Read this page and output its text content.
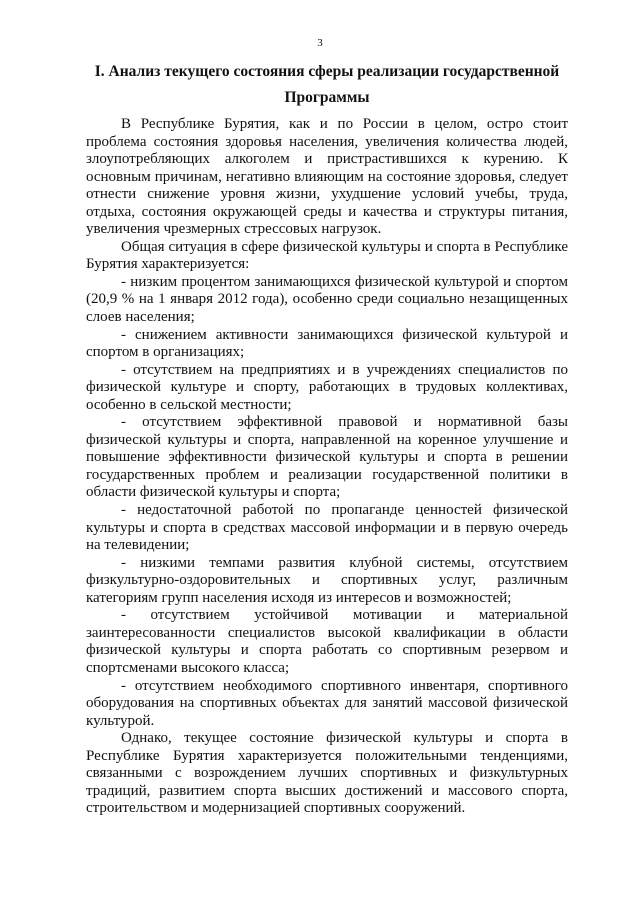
3
I. Анализ текущего состояния сферы реализации государственной
Программы

В Республике Бурятия, как и по России в целом, остро стоит проблема состояния здоровья населения, увеличения количества людей, злоупотребляющих алкоголем и пристрастившихся к курению. К основным причинам, негативно влияющим на состояние здоровья, следует отнести снижение уровня жизни, ухудшение условий учебы, труда, отдыха, состояния окружающей среды и качества и структуры питания, увеличения чрезмерных стрессовых нагрузок.

Общая ситуация в сфере физической культуры и спорта в Республике Бурятия характеризуется:

- низким процентом занимающихся физической культурой и спортом (20,9 % на 1 января 2012 года), особенно среди социально незащищенных слоев населения;

- снижением активности занимающихся физической культурой и спортом в организациях;

- отсутствием на предприятиях и в учреждениях специалистов по физической культуре и спорту, работающих в трудовых коллективах, особенно в сельской местности;

- отсутствием эффективной правовой и нормативной базы физической культуры и спорта, направленной на коренное улучшение и повышение эффективности физической культуры и спорта в решении государственных проблем и реализации государственной политики в области физической культуры и спорта;

- недостаточной работой по пропаганде ценностей физической культуры и спорта в средствах массовой информации и в первую очередь на телевидении;

- низкими темпами развития клубной системы, отсутствием физкультурно-оздоровительных и спортивных услуг, различным категориям групп населения исходя из интересов и возможностей;

- отсутствием устойчивой мотивации и материальной заинтересованности специалистов высокой квалификации в области физической культуры и спорта работать со спортивным резервом и спортсменами высокого класса;

- отсутствием необходимого спортивного инвентаря, спортивного оборудования на спортивных объектах для занятий массовой физической культурой.

Однако, текущее состояние физической культуры и спорта в Республике Бурятия характеризуется положительными тенденциями, связанными с возрождением лучших спортивных и физкультурных традиций, развитием спорта высших достижений и массового спорта, строительством и модернизацией спортивных сооружений.
